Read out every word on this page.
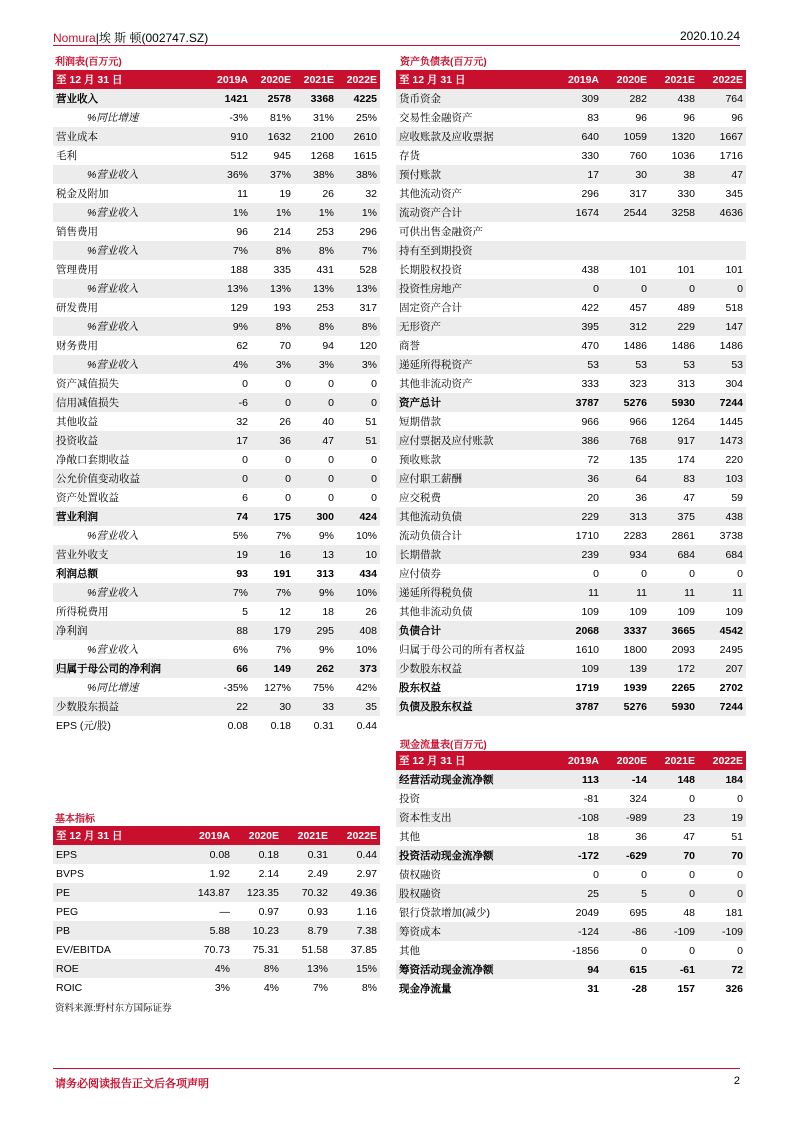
Nomura|埃 斯 顿(002747.SZ)	2020.10.24
利润表(百万元)
至 12 月 31 日	2019A	2020E	2021E	2022E
营业收入	1421	2578	3368	4225
%同比增速	-3%	81%	31%	25%
营业成本	910	1632	2100	2610
毛利	512	945	1268	1615
%营业收入	36%	37%	38%	38%
税金及附加	11	19	26	32
%营业收入	1%	1%	1%	1%
销售费用	96	214	253	296
%营业收入	7%	8%	8%	7%
管理费用	188	335	431	528
%营业收入	13%	13%	13%	13%
研发费用	129	193	253	317
%营业收入	9%	8%	8%	8%
财务费用	62	70	94	120
%营业收入	4%	3%	3%	3%
资产减值损失	0	0	0	0
信用减值损失	-6	0	0	0
其他收益	32	26	40	51
投资收益	17	36	47	51
净敞口套期收益	0	0	0	0
公允价值变动收益	0	0	0	0
资产处置收益	6	0	0	0
营业利润	74	175	300	424
%营业收入	5%	7%	9%	10%
营业外收支	19	16	13	10
利润总额	93	191	313	434
%营业收入	7%	7%	9%	10%
所得税费用	5	12	18	26
净利润	88	179	295	408
%营业收入	6%	7%	9%	10%
归属于母公司的净利润	66	149	262	373
%同比增速	-35%	127%	75%	42%
少数股东损益	22	30	33	35
EPS (元/股)	0.08	0.18	0.31	0.44
资产负债表(百万元)
至 12 月 31 日	2019A	2020E	2021E	2022E
货币资金	309	282	438	764
交易性金融资产	83	96	96	96
应收账款及应收票据	640	1059	1320	1667
存货	330	760	1036	1716
预付账款	17	30	38	47
其他流动资产	296	317	330	345
流动资产合计	1674	2544	3258	4636
可供出售金融资产				
持有至到期投资				
长期股权投资	438	101	101	101
投资性房地产	0	0	0	0
固定资产合计	422	457	489	518
无形资产	395	312	229	147
商誉	470	1486	1486	1486
递延所得税资产	53	53	53	53
其他非流动资产	333	323	313	304
资产总计	3787	5276	5930	7244
短期借款	966	966	1264	1445
应付票据及应付账款	386	768	917	1473
预收账款	72	135	174	220
应付职工薪酬	36	64	83	103
应交税费	20	36	47	59
其他流动负债	229	313	375	438
流动负债合计	1710	2283	2861	3738
长期借款	239	934	684	684
应付债券	0	0	0	0
递延所得税负债	11	11	11	11
其他非流动负债	109	109	109	109
负债合计	2068	3337	3665	4542
归属于母公司的所有者权益	1610	1800	2093	2495
少数股东权益	109	139	172	207
股东权益	1719	1939	2265	2702
负债及股东权益	3787	5276	5930	7244
现金流量表(百万元)
至 12 月 31 日	2019A	2020E	2021E	2022E
经营活动现金流净额	113	-14	148	184
投资	-81	324	0	0
资本性支出	-108	-989	23	19
其他	18	36	47	51
投资活动现金流净额	-172	-629	70	70
债权融资	0	0	0	0
股权融资	25	5	0	0
银行贷款增加(减少)	2049	695	48	181
筹资成本	-124	-86	-109	-109
其他	-1856	0	0	0
筹资活动现金流净额	94	615	-61	72
现金净流量	31	-28	157	326
基本指标
至 12 月 31 日	2019A	2020E	2021E	2022E
EPS	0.08	0.18	0.31	0.44
BVPS	1.92	2.14	2.49	2.97
PE	143.87	123.35	70.32	49.36
PEG	—	0.97	0.93	1.16
PB	5.88	10.23	8.79	7.38
EV/EBITDA	70.73	75.31	51.58	37.85
ROE	4%	8%	13%	15%
ROIC	3%	4%	7%	8%
资料来源:野村东方国际证券
请务必阅读报告正文后各项声明	2
